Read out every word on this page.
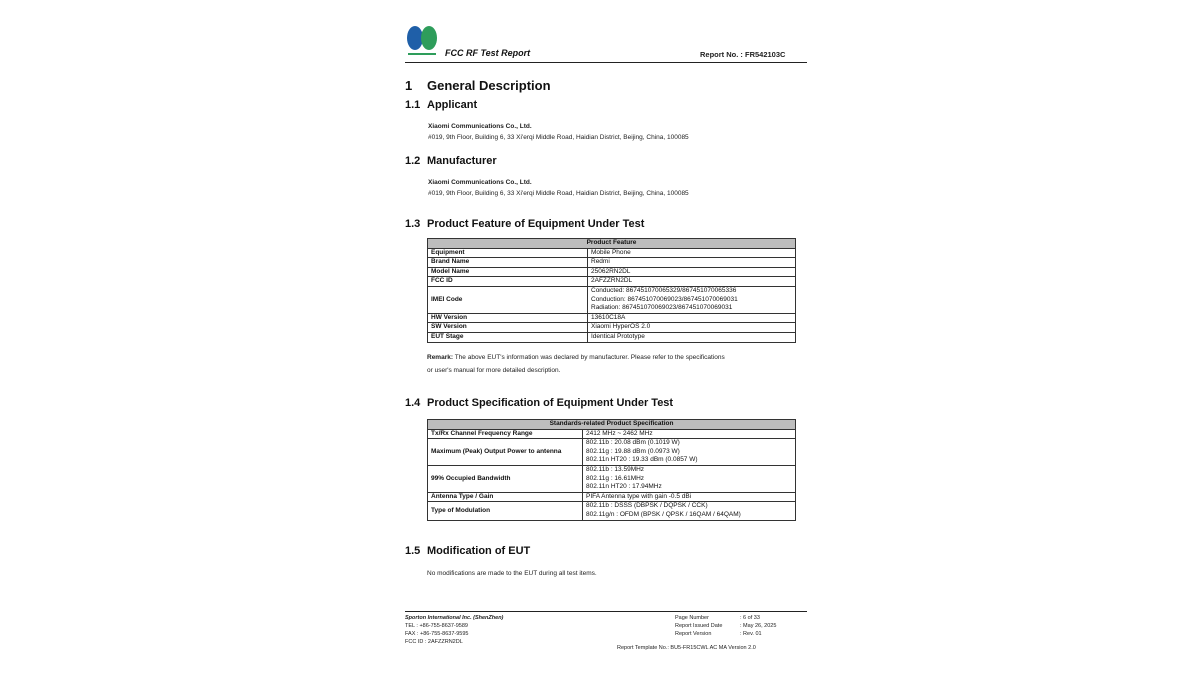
FCC RF Test Report	Report No. : FR542103C
1 General Description
1.1 Applicant
Xiaomi Communications Co., Ltd.
#019, 9th Floor, Building 6, 33 Xi'erqi Middle Road, Haidian District, Beijing, China, 100085
1.2 Manufacturer
Xiaomi Communications Co., Ltd.
#019, 9th Floor, Building 6, 33 Xi'erqi Middle Road, Haidian District, Beijing, China, 100085
1.3 Product Feature of Equipment Under Test
Product Feature	
Equipment	Mobile Phone
Brand Name	Redmi
Model Name	25062RN2DL
FCC ID	2AFZZRN2DL
IMEI Code	Conducted: 867451070065329/867451070065336
Conduction: 867451070069023/867451070069031
Radiation: 867451070069023/867451070069031

HW Version	13610C18A
SW Version	Xiaomi HyperOS 2.0
EUT Stage	Identical Prototype
Remark: The above EUT's information was declared by manufacturer. Please refer to the specifications
or user's manual for more detailed description.
1.4 Product Specification of Equipment Under Test
Standards-related Product Specification	
Tx/Rx Channel Frequency Range	2412 MHz ~ 2462 MHz
Maximum (Peak) Output Power to antenna	802.11b : 20.08 dBm (0.1019 W)
802.11g : 19.88 dBm (0.0973 W)
802.11n HT20 : 19.33 dBm (0.0857 W)

99% Occupied Bandwidth	802.11b : 13.59MHz
802.11g : 16.61MHz
802.11n HT20 : 17.94MHz

Antenna Type / Gain	PIFA Antenna type with gain -0.5 dBi
Type of Modulation	802.11b : DSSS (DBPSK / DQPSK / CCK)
802.11g/n : OFDM (BPSK / QPSK / 16QAM / 64QAM)
1.5 Modification of EUT
No modifications are made to the EUT during all test items.
Sporton International Inc. (ShenZhen)
TEL : +86-755-8637-9589
FAX : +86-755-8637-9595
FCC ID : 2AFZZRN2DL
Page Number	: 6 of 33
Report Issued Date	: May 26, 2025
Report Version	: Rev. 01
Report Template No.: BU5-FR15CWL AC MA Version 2.0
